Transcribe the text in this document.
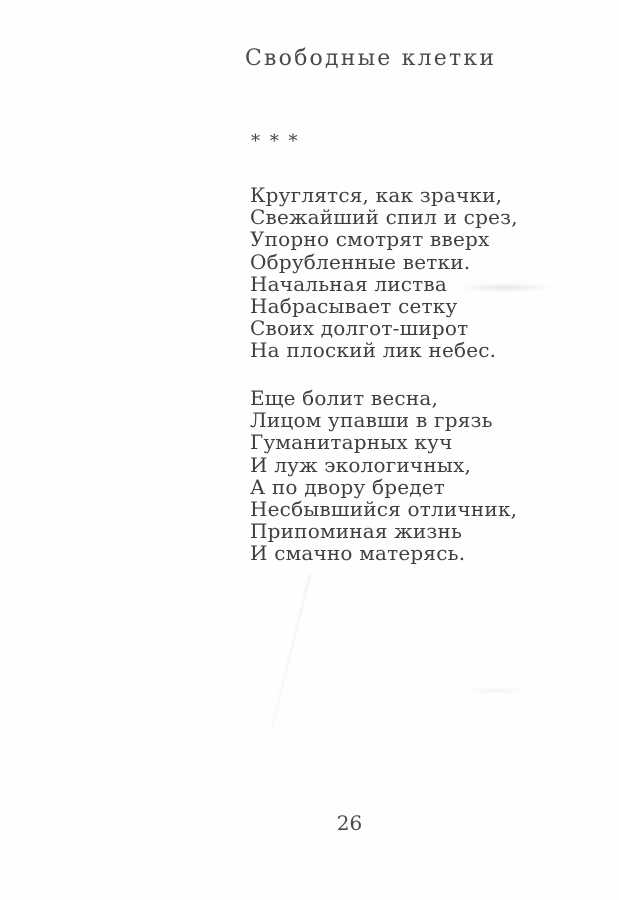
Свободные клетки
* * *
Круглятся, как зрачки,
Свежайший спил и срез,
Упорно смотрят вверх
Обрубленные ветки.
Начальная листва
Набрасывает сетку
Своих долгот-широт
На плоский лик небес.
Еще болит весна,
Лицом упавши в грязь
Гуманитарных куч
И луж экологичных,
А по двору бредет
Несбывшийся отличник,
Припоминая жизнь
И смачно матерясь.
26
